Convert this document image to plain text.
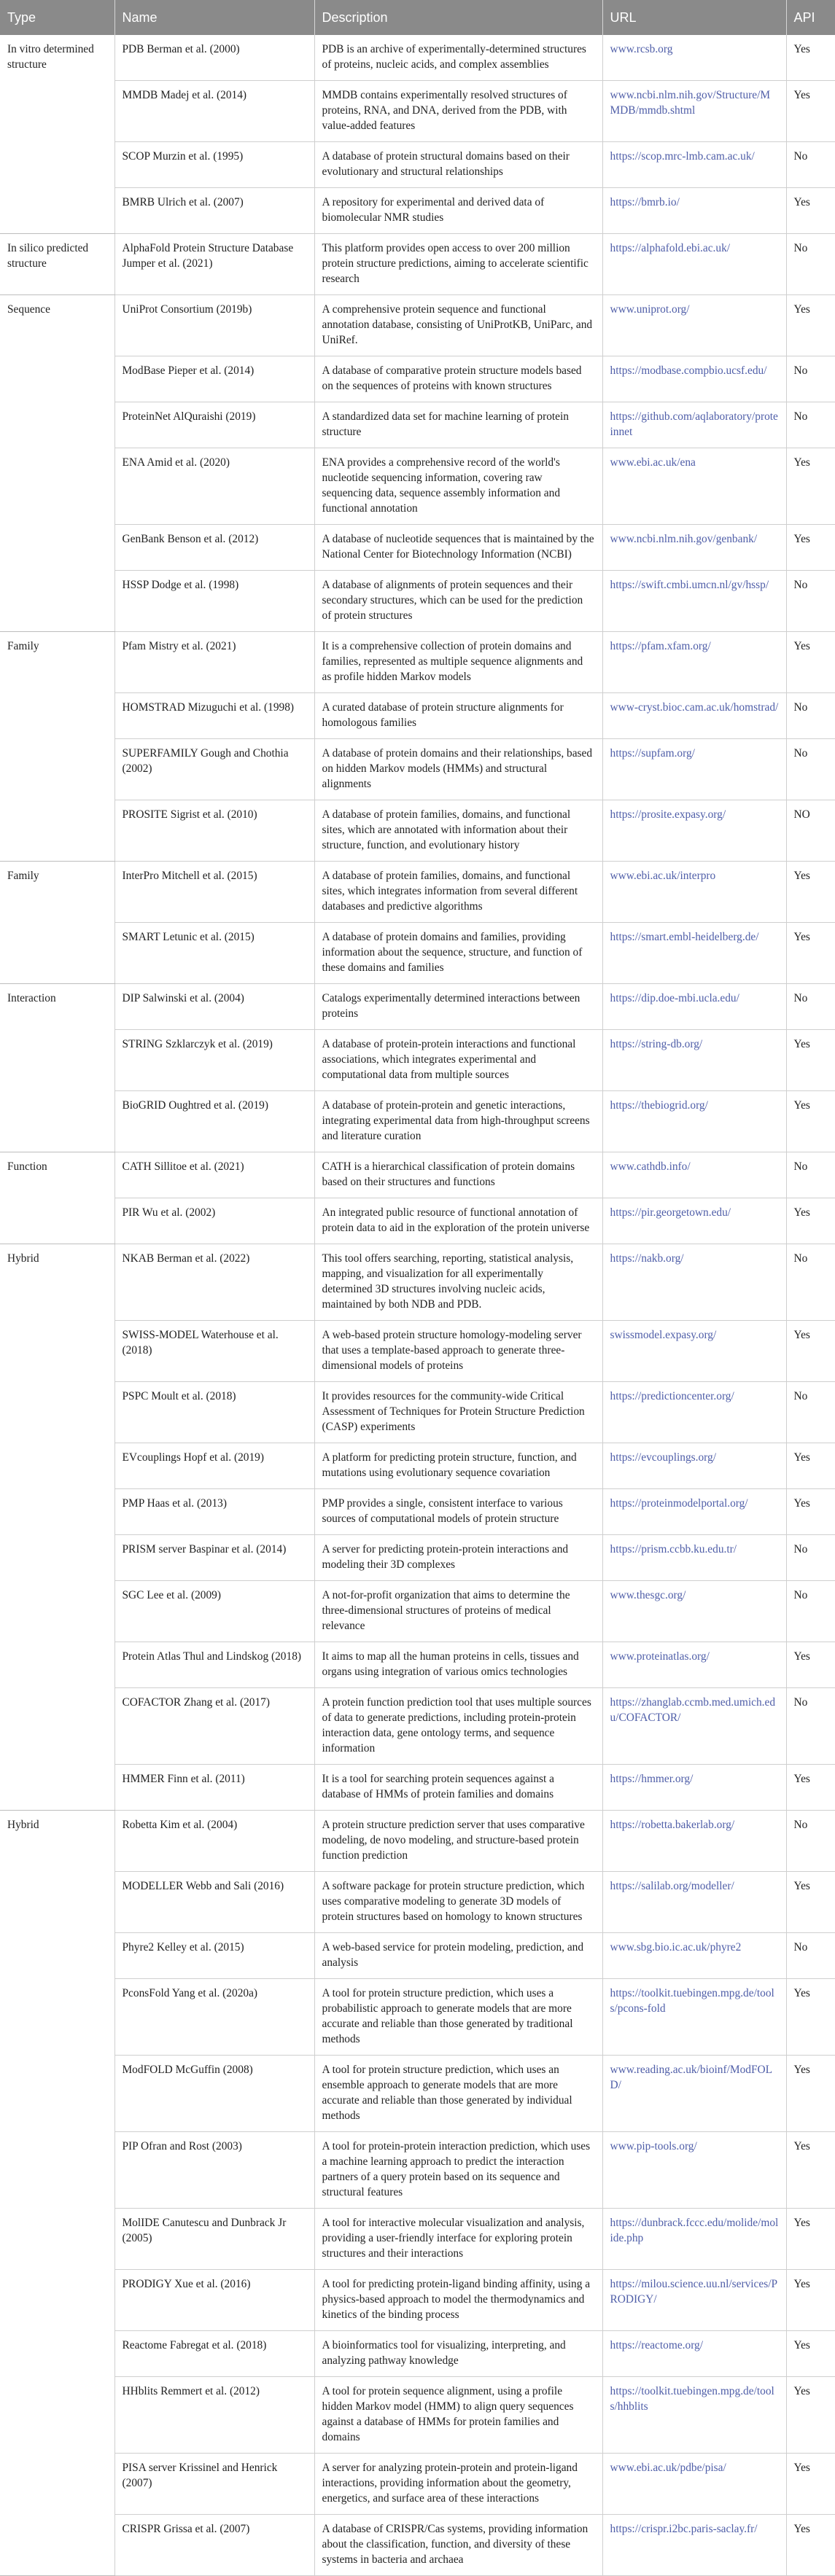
Type	Name	Description	URL	API
In vitro determined structure	PDB Berman et al. (2000)	PDB is an archive of experimentally-determined structures of proteins, nucleic acids, and complex assemblies	www.rcsb.org	Yes
	MMDB Madej et al. (2014)	MMDB contains experimentally resolved structures of proteins, RNA, and DNA, derived from the PDB, with value-added features	www.ncbi.nlm.nih.gov/Structure/MMDB/mmdb.shtml	Yes
	SCOP Murzin et al. (1995)	A database of protein structural domains based on their evolutionary and structural relationships	https://scop.mrc-lmb.cam.ac.uk/	No
	BMRB Ulrich et al. (2007)	A repository for experimental and derived data of biomolecular NMR studies	https://bmrb.io/	Yes
In silico predicted structure	AlphaFold Protein Structure Database Jumper et al. (2021)	This platform provides open access to over 200 million protein structure predictions, aiming to accelerate scientific research	https://alphafold.ebi.ac.uk/	No
Sequence	UniProt Consortium (2019b)	A comprehensive protein sequence and functional annotation database, consisting of UniProtKB, UniParc, and UniRef.	www.uniprot.org/	Yes
	ModBase Pieper et al. (2014)	A database of comparative protein structure models based on the sequences of proteins with known structures	https://modbase.compbio.ucsf.edu/	No
	ProteinNet AlQuraishi (2019)	A standardized data set for machine learning of protein structure	https://github.com/aqlaboratory/proteinnet	No
	ENA Amid et al. (2020)	ENA provides a comprehensive record of the world's nucleotide sequencing information, covering raw sequencing data, sequence assembly information and functional annotation	www.ebi.ac.uk/ena	Yes
	GenBank Benson et al. (2012)	A database of nucleotide sequences that is maintained by the National Center for Biotechnology Information (NCBI)	www.ncbi.nlm.nih.gov/genbank/	Yes
	HSSP Dodge et al. (1998)	A database of alignments of protein sequences and their secondary structures, which can be used for the prediction of protein structures	https://swift.cmbi.umcn.nl/gv/hssp/	No
Family	Pfam Mistry et al. (2021)	It is a comprehensive collection of protein domains and families, represented as multiple sequence alignments and as profile hidden Markov models	https://pfam.xfam.org/	Yes
	HOMSTRAD Mizuguchi et al. (1998)	A curated database of protein structure alignments for homologous families	www-cryst.bioc.cam.ac.uk/homstrad/	No
	SUPERFAMILY Gough and Chothia (2002)	A database of protein domains and their relationships, based on hidden Markov models (HMMs) and structural alignments	https://supfam.org/	No
	PROSITE Sigrist et al. (2010)	A database of protein families, domains, and functional sites, which are annotated with information about their structure, function, and evolutionary history	https://prosite.expasy.org/	NO
Family	InterPro Mitchell et al. (2015)	A database of protein families, domains, and functional sites, which integrates information from several different databases and predictive algorithms	www.ebi.ac.uk/interpro	Yes
	SMART Letunic et al. (2015)	A database of protein domains and families, providing information about the sequence, structure, and function of these domains and families	https://smart.embl-heidelberg.de/	Yes
Interaction	DIP Salwinski et al. (2004)	Catalogs experimentally determined interactions between proteins	https://dip.doe-mbi.ucla.edu/	No
	STRING Szklarczyk et al. (2019)	A database of protein-protein interactions and functional associations, which integrates experimental and computational data from multiple sources	https://string-db.org/	Yes
	BioGRID Oughtred et al. (2019)	A database of protein-protein and genetic interactions, integrating experimental data from high-throughput screens and literature curation	https://thebiogrid.org/	Yes
Function	CATH Sillitoe et al. (2021)	CATH is a hierarchical classification of protein domains based on their structures and functions	www.cathdb.info/	No
	PIR Wu et al. (2002)	An integrated public resource of functional annotation of protein data to aid in the exploration of the protein universe	https://pir.georgetown.edu/	Yes
Hybrid	NKAB Berman et al. (2022)	This tool offers searching, reporting, statistical analysis, mapping, and visualization for all experimentally determined 3D structures involving nucleic acids, maintained by both NDB and PDB.	https://nakb.org/	No
	SWISS-MODEL Waterhouse et al. (2018)	A web-based protein structure homology-modeling server that uses a template-based approach to generate three-dimensional models of proteins	swissmodel.expasy.org/	Yes
	PSPC Moult et al. (2018)	It provides resources for the community-wide Critical Assessment of Techniques for Protein Structure Prediction (CASP) experiments	https://predictioncenter.org/	No
	EVcouplings Hopf et al. (2019)	A platform for predicting protein structure, function, and mutations using evolutionary sequence covariation	https://evcouplings.org/	Yes
	PMP Haas et al. (2013)	PMP provides a single, consistent interface to various sources of computational models of protein structure	https://proteinmodelportal.org/	Yes
	PRISM server Baspinar et al. (2014)	A server for predicting protein-protein interactions and modeling their 3D complexes	https://prism.ccbb.ku.edu.tr/	No
	SGC Lee et al. (2009)	A not-for-profit organization that aims to determine the three-dimensional structures of proteins of medical relevance	www.thesgc.org/	No
	Protein Atlas Thul and Lindskog (2018)	It aims to map all the human proteins in cells, tissues and organs using integration of various omics technologies	www.proteinatlas.org/	Yes
	COFACTOR Zhang et al. (2017)	A protein function prediction tool that uses multiple sources of data to generate predictions, including protein-protein interaction data, gene ontology terms, and sequence information	https://zhanglab.ccmb.med.umich.edu/COFACTOR/	No
	HMMER Finn et al. (2011)	It is a tool for searching protein sequences against a database of HMMs of protein families and domains	https://hmmer.org/	Yes
Hybrid	Robetta Kim et al. (2004)	A protein structure prediction server that uses comparative modeling, de novo modeling, and structure-based protein function prediction	https://robetta.bakerlab.org/	No
	MODELLER Webb and Sali (2016)	A software package for protein structure prediction, which uses comparative modeling to generate 3D models of protein structures based on homology to known structures	https://salilab.org/modeller/	Yes
	Phyre2 Kelley et al. (2015)	A web-based service for protein modeling, prediction, and analysis	www.sbg.bio.ic.ac.uk/phyre2	No
	PconsFold Yang et al. (2020a)	A tool for protein structure prediction, which uses a probabilistic approach to generate models that are more accurate and reliable than those generated by traditional methods	https://toolkit.tuebingen.mpg.de/tools/pcons-fold	Yes
	ModFOLD McGuffin (2008)	A tool for protein structure prediction, which uses an ensemble approach to generate models that are more accurate and reliable than those generated by individual methods	www.reading.ac.uk/bioinf/ModFOLD/	Yes
	PIP Ofran and Rost (2003)	A tool for protein-protein interaction prediction, which uses a machine learning approach to predict the interaction partners of a query protein based on its sequence and structural features	www.pip-tools.org/	Yes
	MolIDE Canutescu and Dunbrack Jr (2005)	A tool for interactive molecular visualization and analysis, providing a user-friendly interface for exploring protein structures and their interactions	https://dunbrack.fccc.edu/molide/molide.php	Yes
	PRODIGY Xue et al. (2016)	A tool for predicting protein-ligand binding affinity, using a physics-based approach to model the thermodynamics and kinetics of the binding process	https://milou.science.uu.nl/services/PRODIGY/	Yes
	Reactome Fabregat et al. (2018)	A bioinformatics tool for visualizing, interpreting, and analyzing pathway knowledge	https://reactome.org/	Yes
	HHblits Remmert et al. (2012)	A tool for protein sequence alignment, using a profile hidden Markov model (HMM) to align query sequences against a database of HMMs for protein families and domains	https://toolkit.tuebingen.mpg.de/tools/hhblits	Yes
	PISA server Krissinel and Henrick (2007)	A server for analyzing protein-protein and protein-ligand interactions, providing information about the geometry, energetics, and surface area of these interactions	www.ebi.ac.uk/pdbe/pisa/	Yes
	CRISPR Grissa et al. (2007)	A database of CRISPR/Cas systems, providing information about the classification, function, and diversity of these systems in bacteria and archaea	https://crispr.i2bc.paris-saclay.fr/	Yes
